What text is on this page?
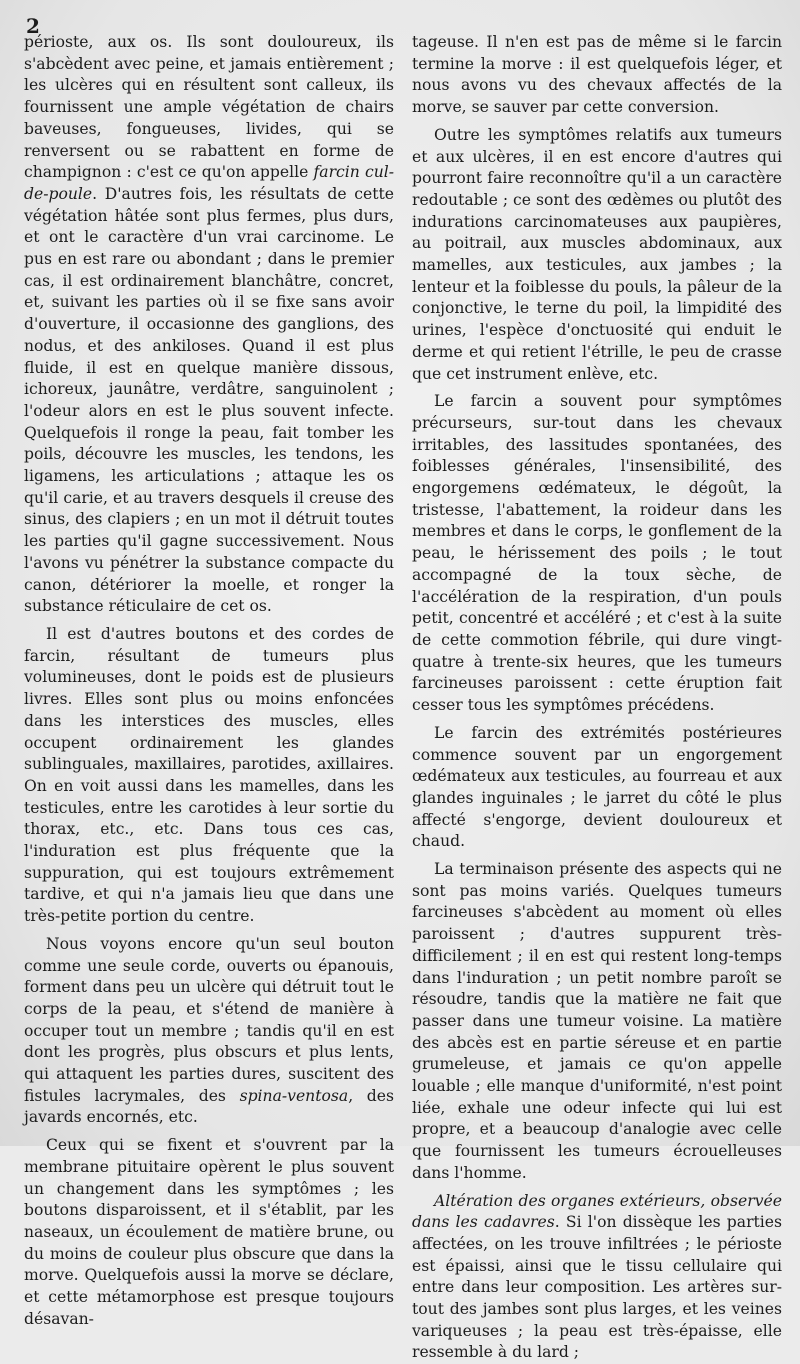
2

périoste, aux os. Ils sont douloureux, ils s'abcèdent avec peine, et jamais entièrement ; les ulcères qui en résultent sont calleux, ils fournissent une ample végétation de chairs baveuses, fongueuses, livides, qui se renversent ou se rabattent en forme de champignon : c'est ce qu'on appelle farcin cul-de-poule. D'autres fois, les résultats de cette végétation hâtée sont plus fermes, plus durs, et ont le caractère d'un vrai carcinome. Le pus en est rare ou abondant ; dans le premier cas, il est ordinairement blanchâtre, concret, et, suivant les parties où il se fixe sans avoir d'ouverture, il occasionne des ganglions, des nodus, et des ankiloses. Quand il est plus fluide, il est en quelque manière dissous, ichoreux, jaunâtre, verdâtre, sanguinolent ; l'odeur alors en est le plus souvent infecte. Quelquefois il ronge la peau, fait tomber les poils, découvre les muscles, les tendons, les ligamens, les articulations ; attaque les os qu'il carie, et au travers desquels il creuse des sinus, des clapiers ; en un mot il détruit toutes les parties qu'il gagne successivement. Nous l'avons vu pénétrer la substance compacte du canon, détériorer la moelle, et ronger la substance réticulaire de cet os.

Il est d'autres boutons et des cordes de farcin, résultant de tumeurs plus volumineuses, dont le poids est de plusieurs livres. Elles sont plus ou moins enfoncées dans les interstices des muscles, elles occupent ordinairement les glandes sublinguales, maxillaires, parotides, axillaires. On en voit aussi dans les mamelles, dans les testicules, entre les carotides à leur sortie du thorax, etc., etc. Dans tous ces cas, l'induration est plus fréquente que la suppuration, qui est toujours extrêmement tardive, et qui n'a jamais lieu que dans une très-petite portion du centre.

Nous voyons encore qu'un seul bouton comme une seule corde, ouverts ou épanouis, forment dans peu un ulcère qui détruit tout le corps de la peau, et s'étend de manière à occuper tout un membre ; tandis qu'il en est dont les progrès, plus obscurs et plus lents, qui attaquent les parties dures, suscitent des fistules lacrymales, des spina-ventosa, des javards encornés, etc.

Ceux qui se fixent et s'ouvrent par la membrane pituitaire opèrent le plus souvent un changement dans les symptômes ; les boutons disparoissent, et il s'établit, par les naseaux, un écoulement de matière brune, ou du moins de couleur plus obscure que dans la morve. Quelquefois aussi la morve se déclare, et cette métamorphose est presque toujours désavan-

tageuse. Il n'en est pas de même si le farcin termine la morve : il est quelquefois léger, et nous avons vu des chevaux affectés de la morve, se sauver par cette conversion.

Outre les symptômes relatifs aux tumeurs et aux ulcères, il en est encore d'autres qui pourront faire reconnoître qu'il a un caractère redoutable ; ce sont des œdèmes ou plutôt des indurations carcinomateuses aux paupières, au poitrail, aux muscles abdominaux, aux mamelles, aux testicules, aux jambes ; la lenteur et la foiblesse du pouls, la pâleur de la conjonctive, le terne du poil, la limpidité des urines, l'espèce d'onctuosité qui enduit le derme et qui retient l'étrille, le peu de crasse que cet instrument enlève, etc.

Le farcin a souvent pour symptômes précurseurs, sur-tout dans les chevaux irritables, des lassitudes spontanées, des foiblesses générales, l'insensibilité, des engorgemens œdémateux, le dégoût, la tristesse, l'abattement, la roideur dans les membres et dans le corps, le gonflement de la peau, le hérissement des poils ; le tout accompagné de la toux sèche, de l'accélération de la respiration, d'un pouls petit, concentré et accéléré ; et c'est à la suite de cette commotion fébrile, qui dure vingt-quatre à trente-six heures, que les tumeurs farcineuses paroissent : cette éruption fait cesser tous les symptômes précédens.

Le farcin des extrémités postérieures commence souvent par un engorgement œdémateux aux testicules, au fourreau et aux glandes inguinales ; le jarret du côté le plus affecté s'engorge, devient douloureux et chaud.

La terminaison présente des aspects qui ne sont pas moins variés. Quelques tumeurs farcineuses s'abcèdent au moment où elles paroissent ; d'autres suppurent très-difficilement ; il en est qui restent long-temps dans l'induration ; un petit nombre paroît se résoudre, tandis que la matière ne fait que passer dans une tumeur voisine. La matière des abcès est en partie séreuse et en partie grumeleuse, et jamais ce qu'on appelle louable ; elle manque d'uniformité, n'est point liée, exhale une odeur infecte qui lui est propre, et a beaucoup d'analogie avec celle que fournissent les tumeurs écrouelleuses dans l'homme.

Altération des organes extérieurs, observée dans les cadavres. Si l'on dissèque les parties affectées, on les trouve infiltrées ; le périoste est épaissi, ainsi que le tissu cellulaire qui entre dans leur composition. Les artères sur-tout des jambes sont plus larges, et les veines variqueuses ; la peau est très-épaisse, elle ressemble à du lard ;
